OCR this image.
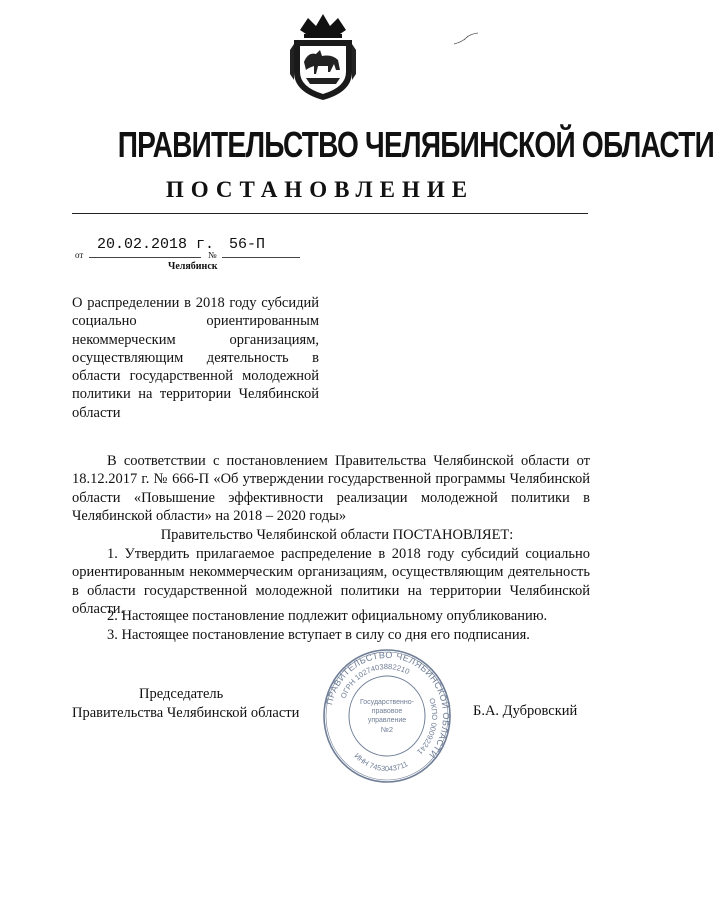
ПРАВИТЕЛЬСТВО ЧЕЛЯБИНСКОЙ ОБЛАСТИ
ПОСТАНОВЛЕНИЕ
от
20.02.2018 г.
№
56-П
Челябинск
О распределении в 2018 году субсидий социально ориентированным некоммерческим организациям, осуществляющим деятельность в области государственной молодежной политики на территории Челябинской области
В соответствии с постановлением Правительства Челябинской области от 18.12.2017 г. № 666-П «Об утверждении государственной программы Челябинской области «Повышение эффективности реализации молодежной политики в Челябинской области» на 2018 – 2020 годы»
Правительство Челябинской области ПОСТАНОВЛЯЕТ:
1. Утвердить прилагаемое распределение в 2018 году субсидий социально ориентированным некоммерческим организациям, осуществляющим деятельность в области государственной молодежной политики на территории Челябинской области.
2. Настоящее постановление подлежит официальному опубликованию.
3. Настоящее постановление вступает в силу со дня его подписания.
Председатель
Правительства Челябинской области	Б.А. Дубровский
ПРАВИТЕЛЬСТВО ЧЕЛЯБИНСКОЙ ОБЛАСТИ
ОГРН 1027403882210
ОКПО 00092241
ИНН 7453043711
Государственно-
правовое
управление
№2
